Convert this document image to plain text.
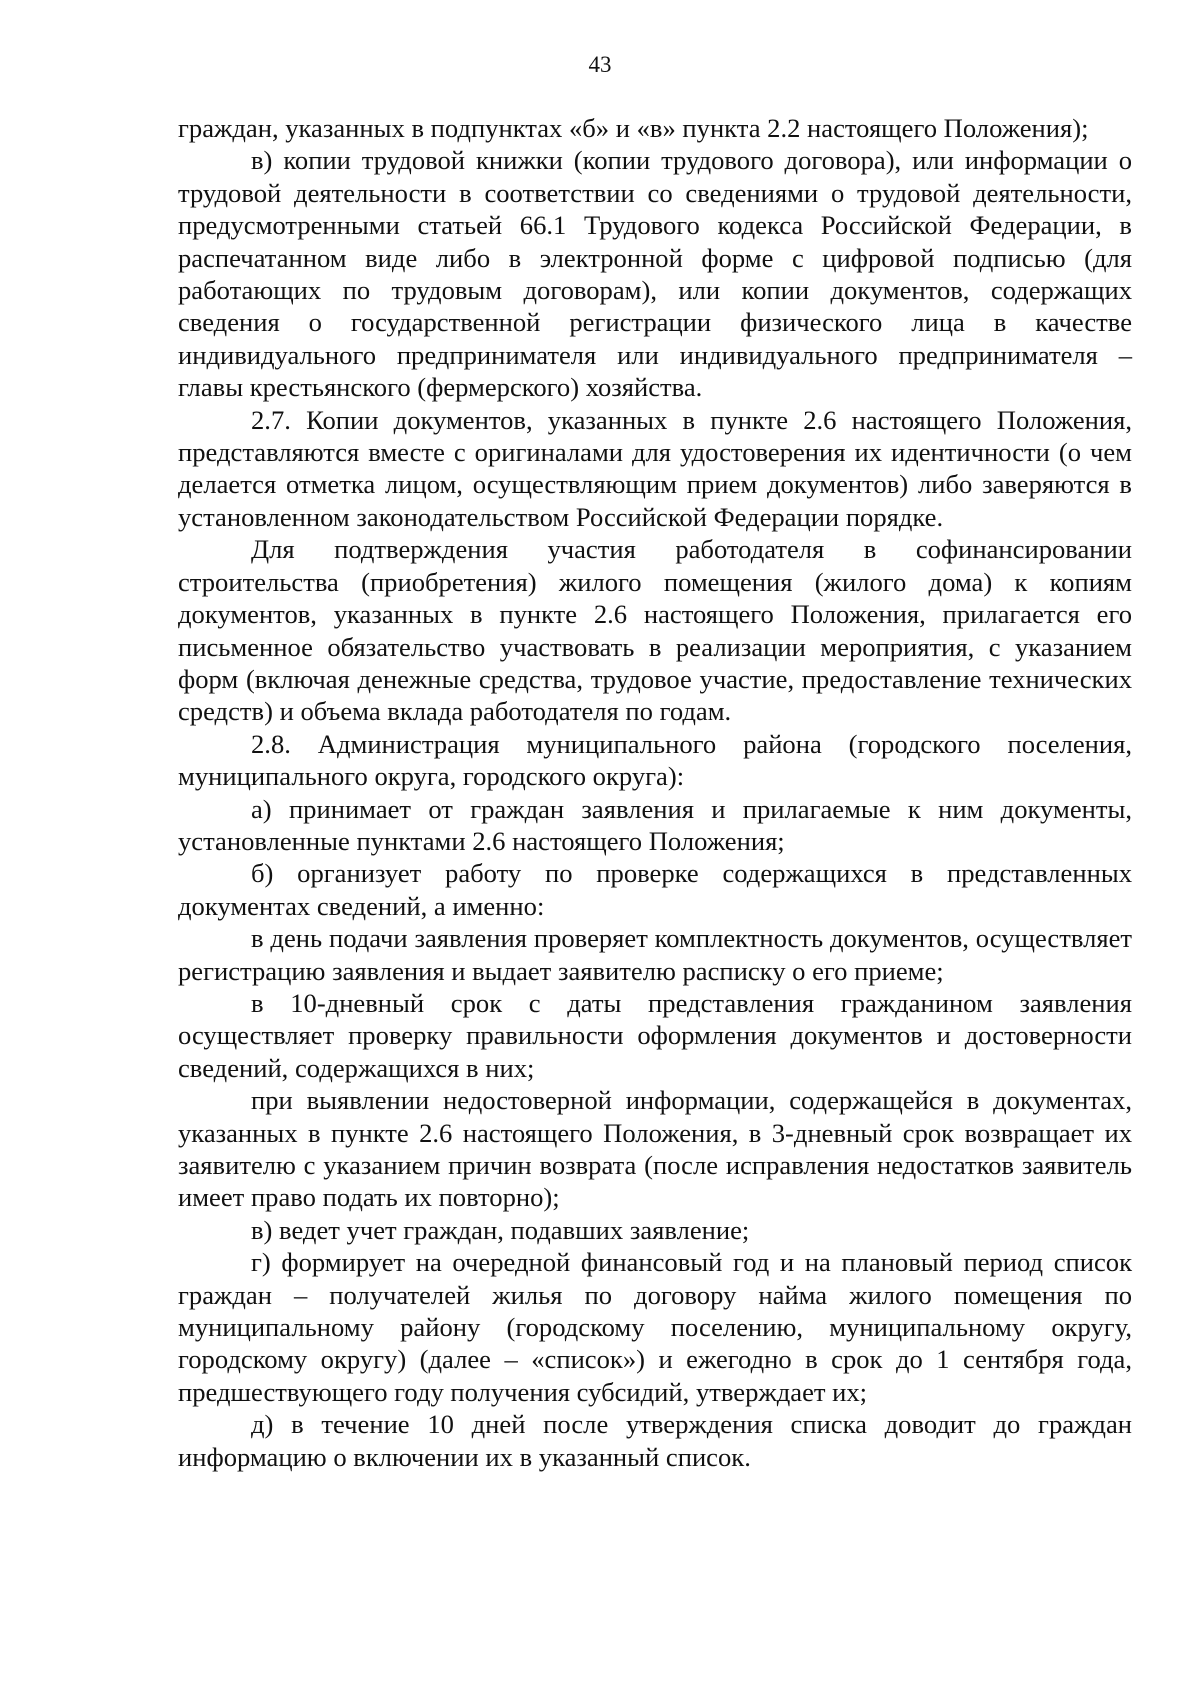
43

граждан, указанных в подпунктах «б» и «в» пункта 2.2 настоящего Положения);

в) копии трудовой книжки (копии трудового договора), или информации о трудовой деятельности в соответствии со сведениями о трудовой деятельности, предусмотренными статьей 66.1 Трудового кодекса Российской Федерации, в распечатанном виде либо в электронной форме с цифровой подписью (для работающих по трудовым договорам), или копии документов, содержащих сведения о государственной регистрации физического лица в качестве индивидуального предпринимателя или индивидуального предпринимателя – главы крестьянского (фермерского) хозяйства.

2.7. Копии документов, указанных в пункте 2.6 настоящего Положения, представляются вместе с оригиналами для удостоверения их идентичности (о чем делается отметка лицом, осуществляющим прием документов) либо заверяются в установленном законодательством Российской Федерации порядке.

Для подтверждения участия работодателя в софинансировании строительства (приобретения) жилого помещения (жилого дома) к копиям документов, указанных в пункте 2.6 настоящего Положения, прилагается его письменное обязательство участвовать в реализации мероприятия, с указанием форм (включая денежные средства, трудовое участие, предоставление технических средств) и объема вклада работодателя по годам.

2.8. Администрация муниципального района (городского поселения, муниципального округа, городского округа):

а) принимает от граждан заявления и прилагаемые к ним документы, установленные пунктами 2.6 настоящего Положения;

б) организует работу по проверке содержащихся в представленных документах сведений, а именно:

в день подачи заявления проверяет комплектность документов, осуществляет регистрацию заявления и выдает заявителю расписку о его приеме;

в 10-дневный срок с даты представления гражданином заявления осуществляет проверку правильности оформления документов и достоверности сведений, содержащихся в них;

при выявлении недостоверной информации, содержащейся в документах, указанных в пункте 2.6 настоящего Положения, в 3-дневный срок возвращает их заявителю с указанием причин возврата (после исправления недостатков заявитель имеет право подать их повторно);

в) ведет учет граждан, подавших заявление;

г) формирует на очередной финансовый год и на плановый период список граждан – получателей жилья по договору найма жилого помещения по муниципальному району (городскому поселению, муниципальному округу, городскому округу) (далее – «список») и ежегодно в срок до 1 сентября года, предшествующего году получения субсидий, утверждает их;

д) в течение 10 дней после утверждения списка доводит до граждан информацию о включении их в указанный список.
